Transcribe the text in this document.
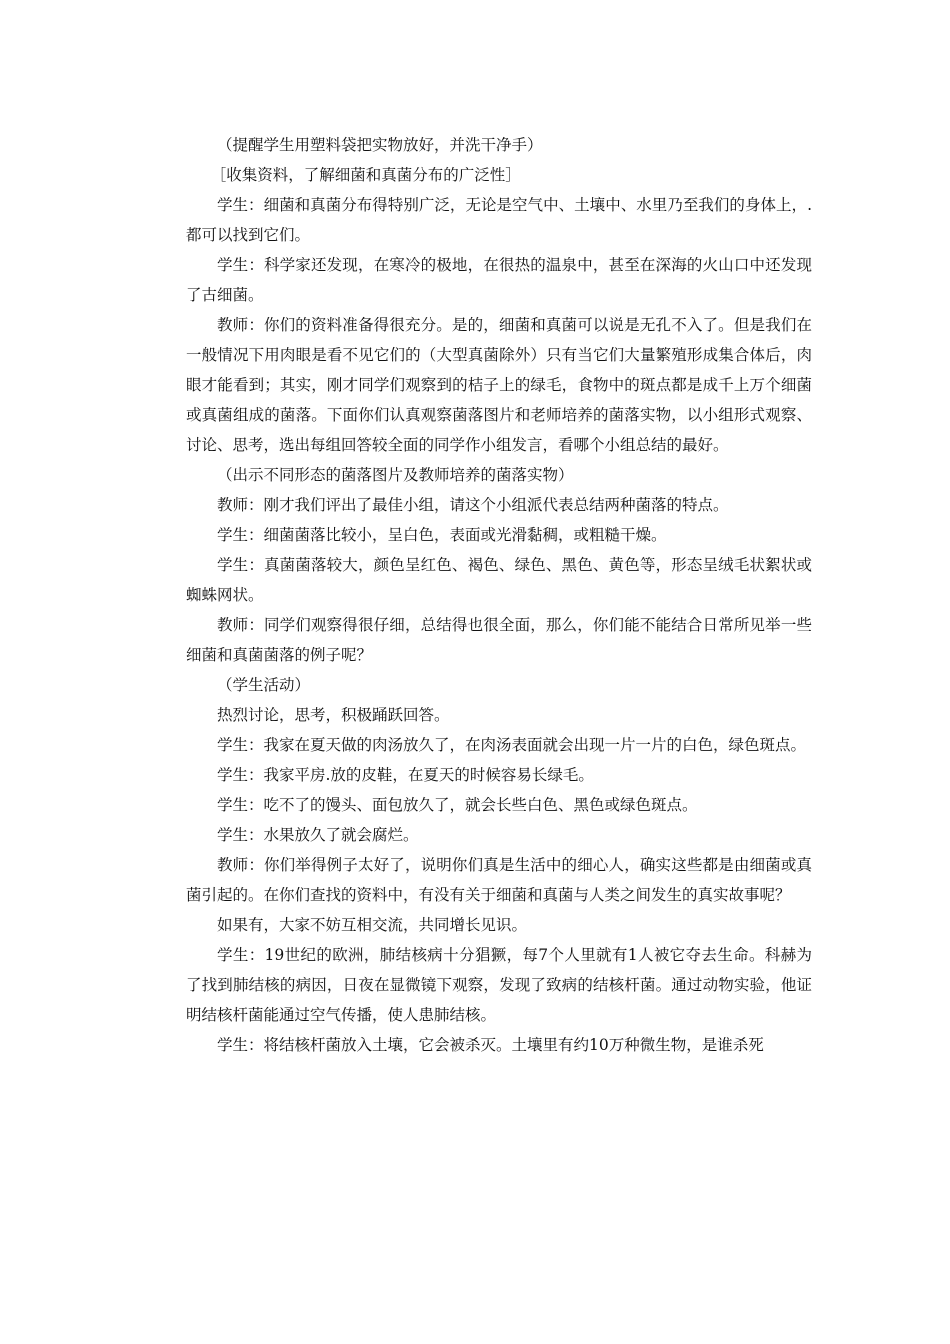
（提醒学生用塑料袋把实物放好，并洗干净手）

［收集资料，了解细菌和真菌分布的广泛性］

学生：细菌和真菌分布得特别广泛，无论是空气中、土壤中、水里乃至我们的身体上，.都可以找到它们。

学生：科学家还发现，在寒冷的极地，在很热的温泉中，甚至在深海的火山口中还发现了古细菌。

教师：你们的资料准备得很充分。是的，细菌和真菌可以说是无孔不入了。但是我们在一般情况下用肉眼是看不见它们的（大型真菌除外）只有当它们大量繁殖形成集合体后，肉眼才能看到；其实，刚才同学们观察到的桔子上的绿毛，食物中的斑点都是成千上万个细菌或真菌组成的菌落。下面你们认真观察菌落图片和老师培养的菌落实物，以小组形式观察、讨论、思考，选出每组回答较全面的同学作小组发言，看哪个小组总结的最好。

（出示不同形态的菌落图片及教师培养的菌落实物）

教师：刚才我们评出了最佳小组，请这个小组派代表总结两种菌落的特点。

学生：细菌菌落比较小，呈白色，表面或光滑黏稠，或粗糙干燥。

学生：真菌菌落较大，颜色呈红色、褐色、绿色、黑色、黄色等，形态呈绒毛状絮状或蜘蛛网状。

教师：同学们观察得很仔细，总结得也很全面，那么，你们能不能结合日常所见举一些细菌和真菌菌落的例子呢？

（学生活动）

热烈讨论，思考，积极踊跃回答。

学生：我家在夏天做的肉汤放久了，在肉汤表面就会出现一片一片的白色，绿色斑点。

学生：我家平房.放的皮鞋，在夏天的时候容易长绿毛。

学生：吃不了的馒头、面包放久了，就会长些白色、黑色或绿色斑点。

学生：水果放久了就会腐烂。

教师：你们举得例子太好了，说明你们真是生活中的细心人，确实这些都是由细菌或真菌引起的。在你们查找的资料中，有没有关于细菌和真菌与人类之间发生的真实故事呢？

如果有，大家不妨互相交流，共同增长见识。

学生：19世纪的欧洲，肺结核病十分猖獗，每7个人里就有1人被它夺去生命。科赫为了找到肺结核的病因，日夜在显微镜下观察，发现了致病的结核杆菌。通过动物实验，他证明结核杆菌能通过空气传播，使人患肺结核。

学生：将结核杆菌放入土壤，它会被杀灭。土壤里有约10万种微生物，是谁杀死
